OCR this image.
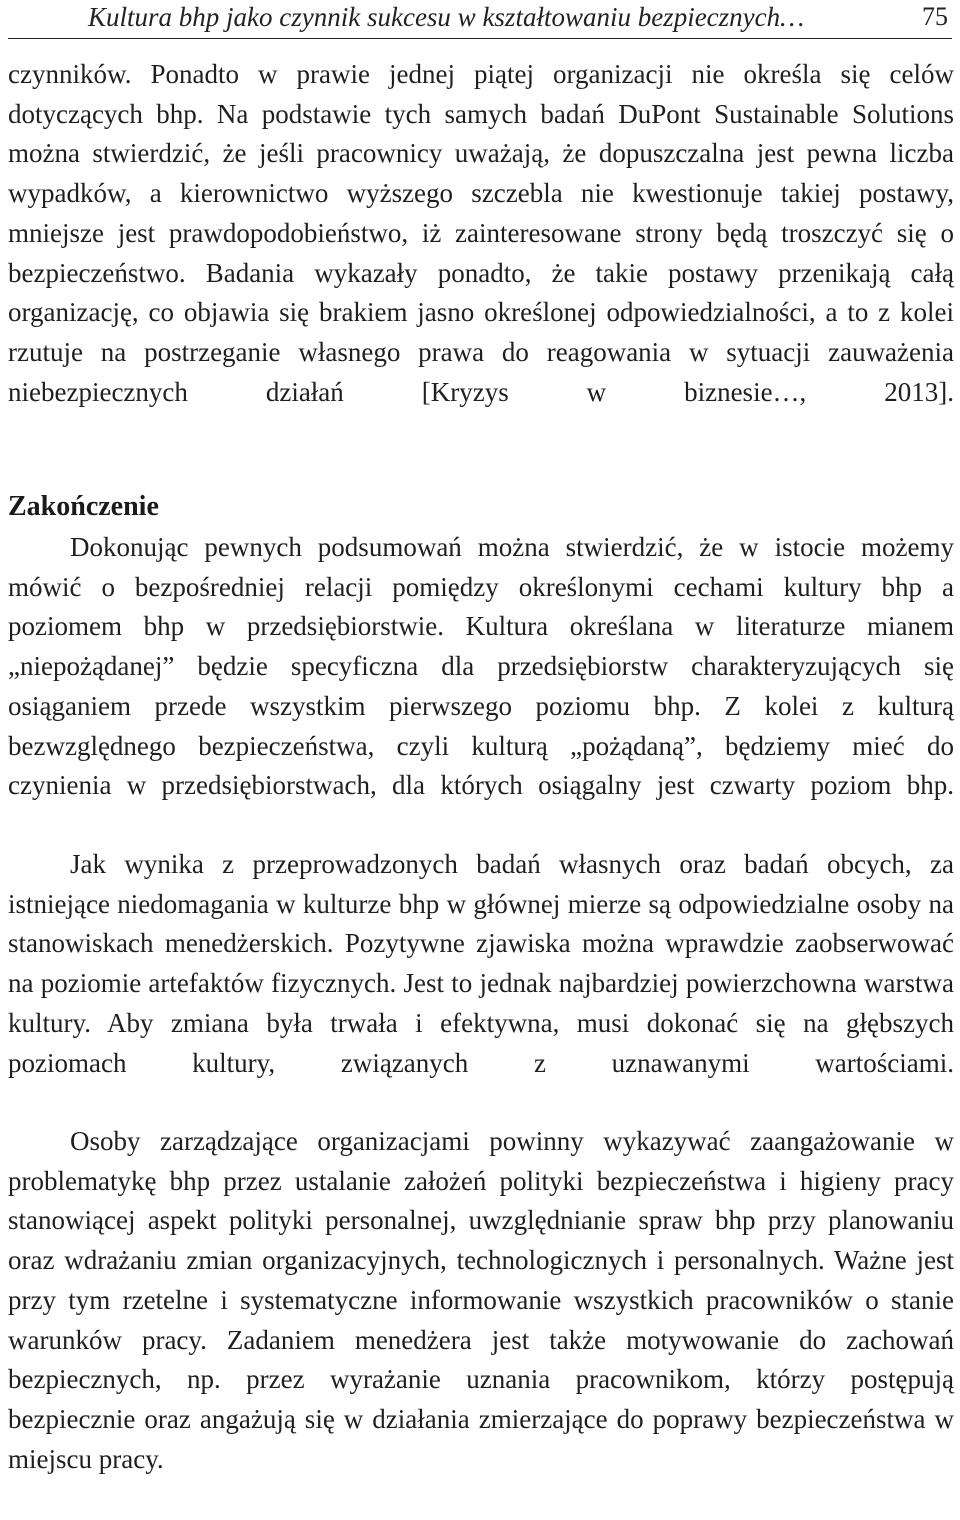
Kultura bhp jako czynnik sukcesu w kształtowaniu bezpiecznych…	75

czynników. Ponadto w prawie jednej piątej organizacji nie określa się celów dotyczących bhp. Na podstawie tych samych badań DuPont Sustainable Solutions można stwierdzić, że jeśli pracownicy uważają, że dopuszczalna jest pewna liczba wypadków, a kierownictwo wyższego szczebla nie kwestionuje takiej postawy, mniejsze jest prawdopodobieństwo, iż zainteresowane strony będą troszczyć się o bezpieczeństwo. Badania wykazały ponadto, że takie postawy przenikają całą organizację, co objawia się brakiem jasno określonej odpowiedzialności, a to z kolei rzutuje na postrzeganie własnego prawa do reagowania w sytuacji zauważenia niebezpiecznych działań [Kryzys w biznesie…, 2013].

Zakończenie

Dokonując pewnych podsumowań można stwierdzić, że w istocie możemy mówić o bezpośredniej relacji pomiędzy określonymi cechami kultury bhp a poziomem bhp w przedsiębiorstwie. Kultura określana w literaturze mianem „niepożądanej” będzie specyficzna dla przedsiębiorstw charakteryzujących się osiąganiem przede wszystkim pierwszego poziomu bhp. Z kolei z kulturą bezwzględnego bezpieczeństwa, czyli kulturą „pożądaną”, będziemy mieć do czynienia w przedsiębiorstwach, dla których osiągalny jest czwarty poziom bhp.

Jak wynika z przeprowadzonych badań własnych oraz badań obcych, za istniejące niedomagania w kulturze bhp w głównej mierze są odpowiedzialne osoby na stanowiskach menedżerskich. Pozytywne zjawiska można wprawdzie zaobserwować na poziomie artefaktów fizycznych. Jest to jednak najbardziej powierzchowna warstwa kultury. Aby zmiana była trwała i efektywna, musi dokonać się na głębszych poziomach kultury, związanych z uznawanymi wartościami.

Osoby zarządzające organizacjami powinny wykazywać zaangażowanie w problematykę bhp przez ustalanie założeń polityki bezpieczeństwa i higieny pracy stanowiącej aspekt polityki personalnej, uwzględnianie spraw bhp przy planowaniu oraz wdrażaniu zmian organizacyjnych, technologicznych i personalnych. Ważne jest przy tym rzetelne i systematyczne informowanie wszystkich pracowników o stanie warunków pracy. Zadaniem menedżera jest także motywowanie do zachowań bezpiecznych, np. przez wyrażanie uznania pracownikom, którzy postępują bezpiecznie oraz angażują się w działania zmierzające do poprawy bezpieczeństwa w miejscu pracy.
